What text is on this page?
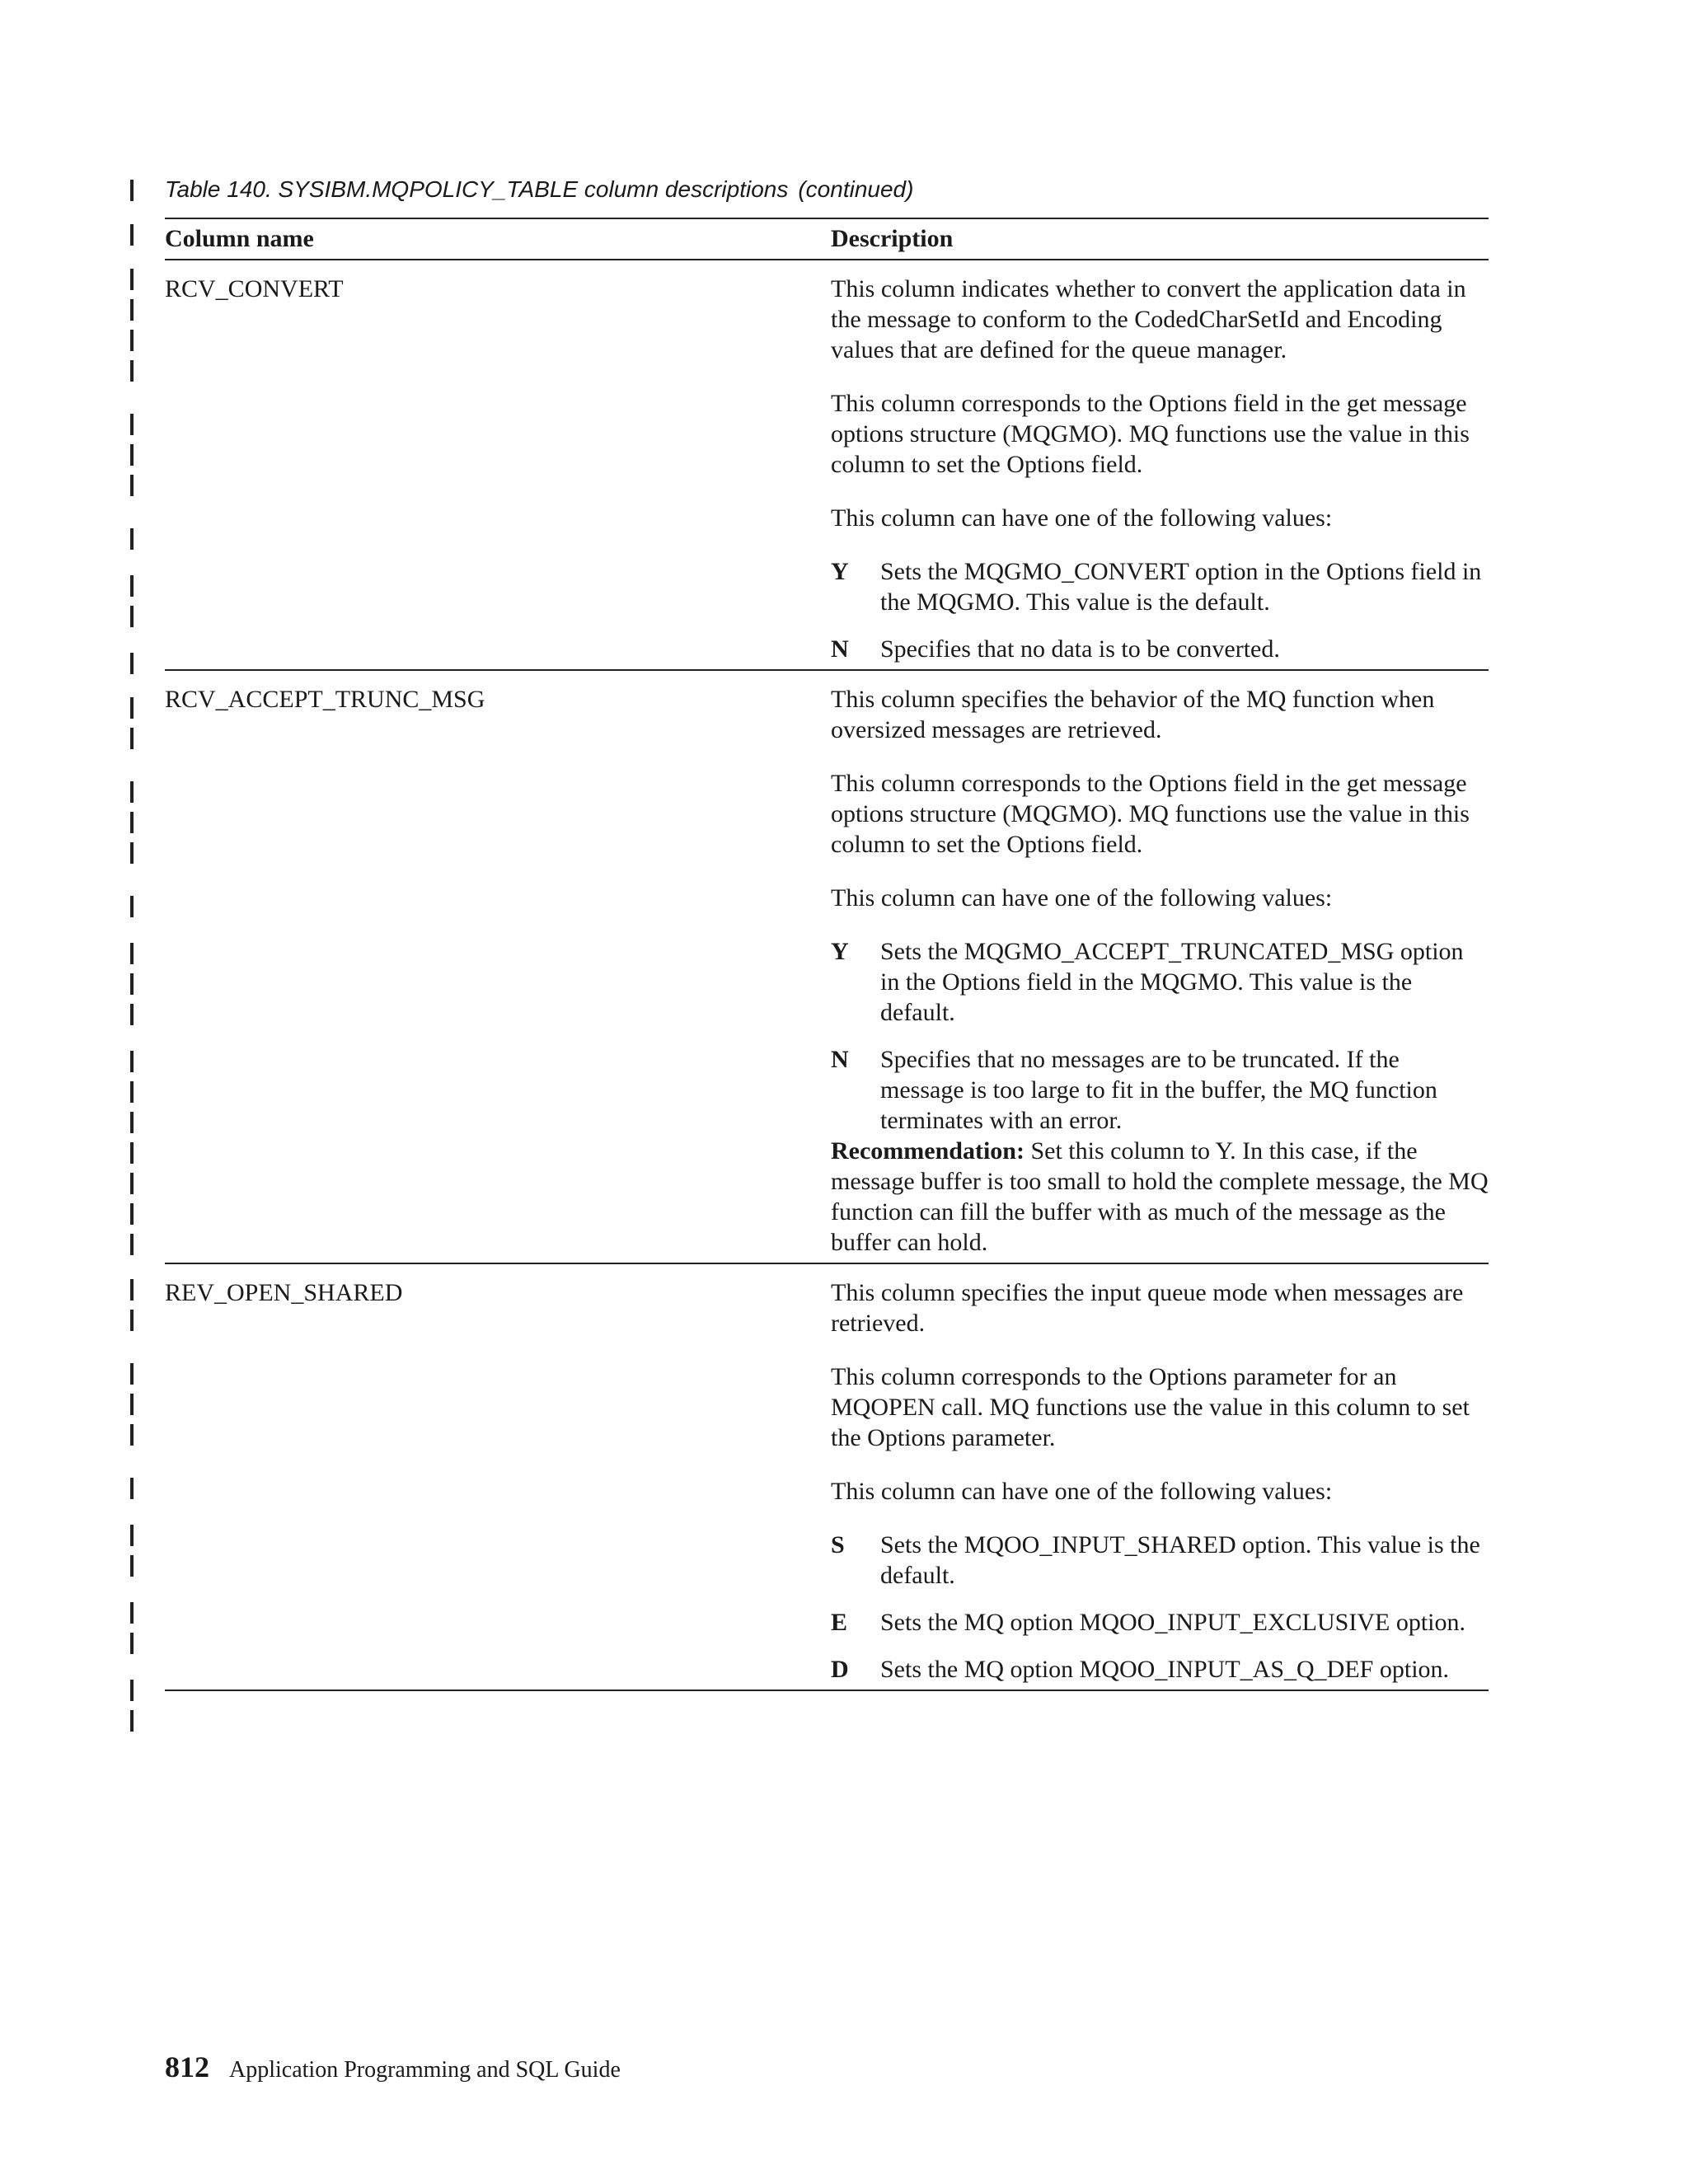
Table 140. SYSIBM.MQPOLICY_TABLE column descriptions (continued)
Column name	Description
RCV_CONVERT	This column indicates whether to convert the application data in the message to conform to the CodedCharSetId and Encoding values that are defined for the queue manager.

This column corresponds to the Options field in the get message options structure (MQGMO). MQ functions use the value in this column to set the Options field.

This column can have one of the following values:

Y	Sets the MQGMO_CONVERT option in the Options field in the MQGMO. This value is the default.
N	Specifies that no data is to be converted.
RCV_ACCEPT_TRUNC_MSG	This column specifies the behavior of the MQ function when oversized messages are retrieved.

This column corresponds to the Options field in the get message options structure (MQGMO). MQ functions use the value in this column to set the Options field.

This column can have one of the following values:

Y	Sets the MQGMO_ACCEPT_TRUNCATED_MSG option in the Options field in the MQGMO. This value is the default.
N	Specifies that no messages are to be truncated. If the message is too large to fit in the buffer, the MQ function terminates with an error.

Recommendation: Set this column to Y. In this case, if the message buffer is too small to hold the complete message, the MQ function can fill the buffer with as much of the message as the buffer can hold.

REV_OPEN_SHARED	This column specifies the input queue mode when messages are retrieved.

This column corresponds to the Options parameter for an MQOPEN call. MQ functions use the value in this column to set the Options parameter.

This column can have one of the following values:

S	Sets the MQOO_INPUT_SHARED option. This value is the default.
E	Sets the MQ option MQOO_INPUT_EXCLUSIVE option.
D	Sets the MQ option MQOO_INPUT_AS_Q_DEF option.
812 Application Programming and SQL Guide
